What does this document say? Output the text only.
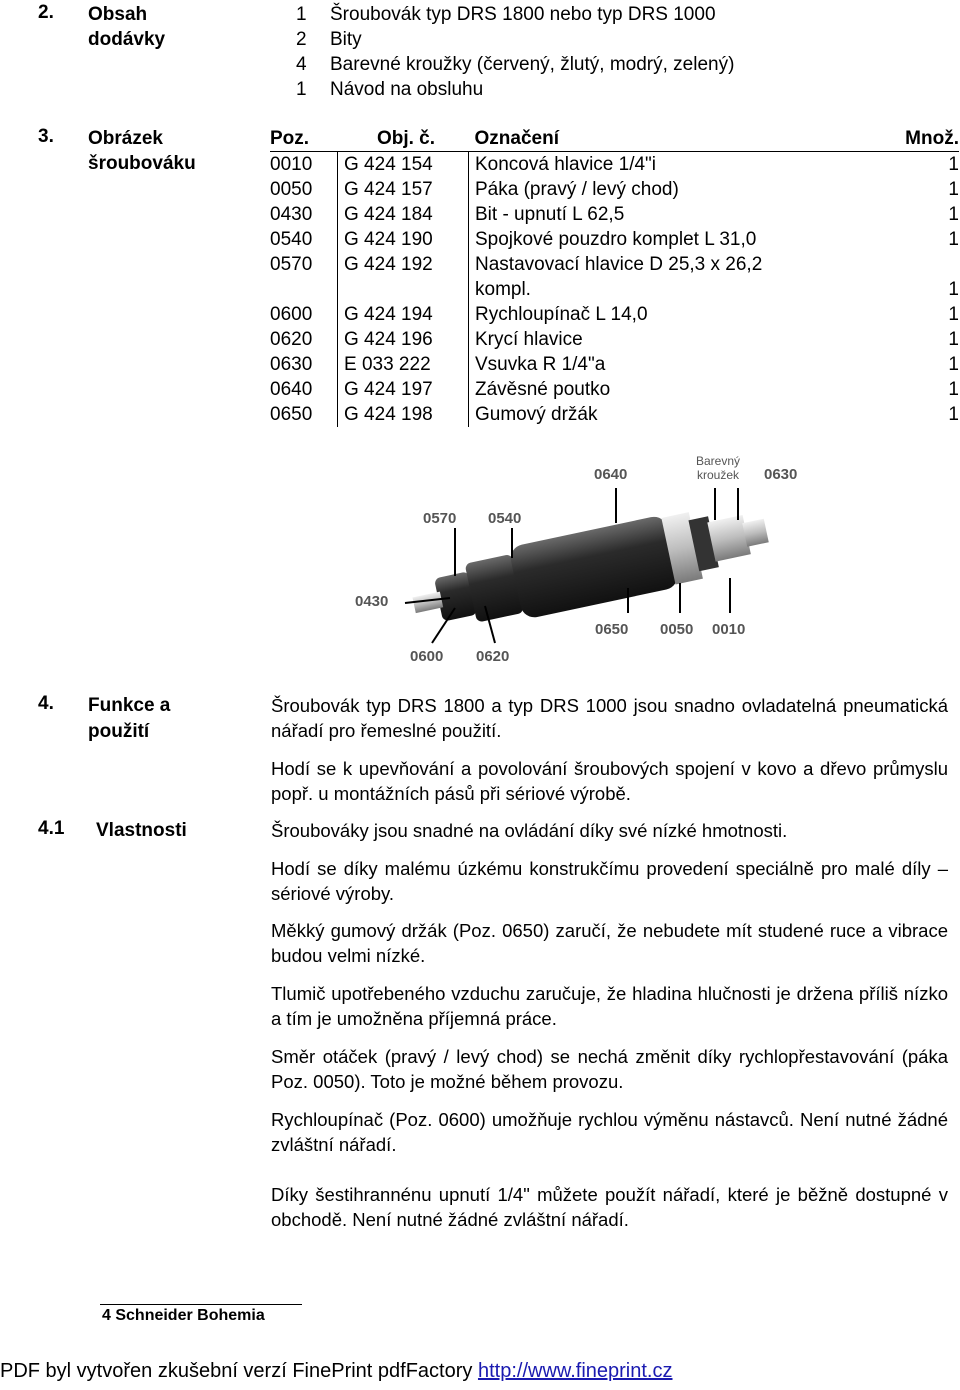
2. Obsah
dodávky
1 Šroubovák typ DRS 1800 nebo typ DRS 1000
2 Bity
4 Barevné kroužky (červený, žlutý, modrý, zelený)
1 Návod na obsluhu
3. Obrázek
šroubováku
Poz.	Obj. č.	Označení	Množ.
0010	G 424 154	Koncová hlavice 1/4"i	1
0050	G 424 157	Páka (pravý / levý chod)	1
0430	G 424 184	Bit - upnutí L 62,5	1
0540	G 424 190	Spojkové pouzdro komplet L 31,0	1
0570	G 424 192	Nastavovací hlavice D 25,3 x 26,2	
		kompl.	1
0600	G 424 194	Rychloupínač L 14,0	1
0620	G 424 196	Krycí hlavice	1
0630	E 033 222	Vsuvka R 1/4"a	1
0640	G 424 197	Závěsné poutko	1
0650	G 424 198	Gumový držák	1
0640
Barevný
kroužek 0630
0570 0540
0430
0650 0050 0010
0600 0620
4. Funkce a
použití
Šroubovák typ DRS 1800 a typ DRS 1000 jsou snadno ovladatelná pneumatická nářadí pro řemeslné použití.
Hodí se k upevňování a povolování šroubových spojení v kovo a dřevo průmyslu popř. u montážních pásů při sériové výrobě.
4.1 Vlastnosti	Šroubováky jsou snadné na ovládání díky své nízké hmotnosti.
Hodí se díky malému úzkému konstrukčímu provedení speciálně pro malé díly – sériové výroby.
Měkký gumový držák (Poz. 0650) zaručí, že nebudete mít studené ruce a vibrace budou velmi nízké.
Tlumič upotřebeného vzduchu zaručuje, že hladina hlučnosti je držena příliš nízko a tím je umožněna příjemná práce.
Směr otáček (pravý / levý chod) se nechá změnit díky rychlopřestavování (páka Poz. 0050). Toto je možné během provozu.
Rychloupínač (Poz. 0600) umožňuje rychlou výměnu nástavců. Není nutné žádné zvláštní nářadí.
Díky šestihrannénu upnutí 1/4" můžete použít nářadí, které je běžně dostupné v obchodě. Není nutné žádné zvláštní nářadí.
4 Schneider Bohemia
PDF byl vytvořen zkušební verzí FinePrint pdfFactory http://www.fineprint.cz
